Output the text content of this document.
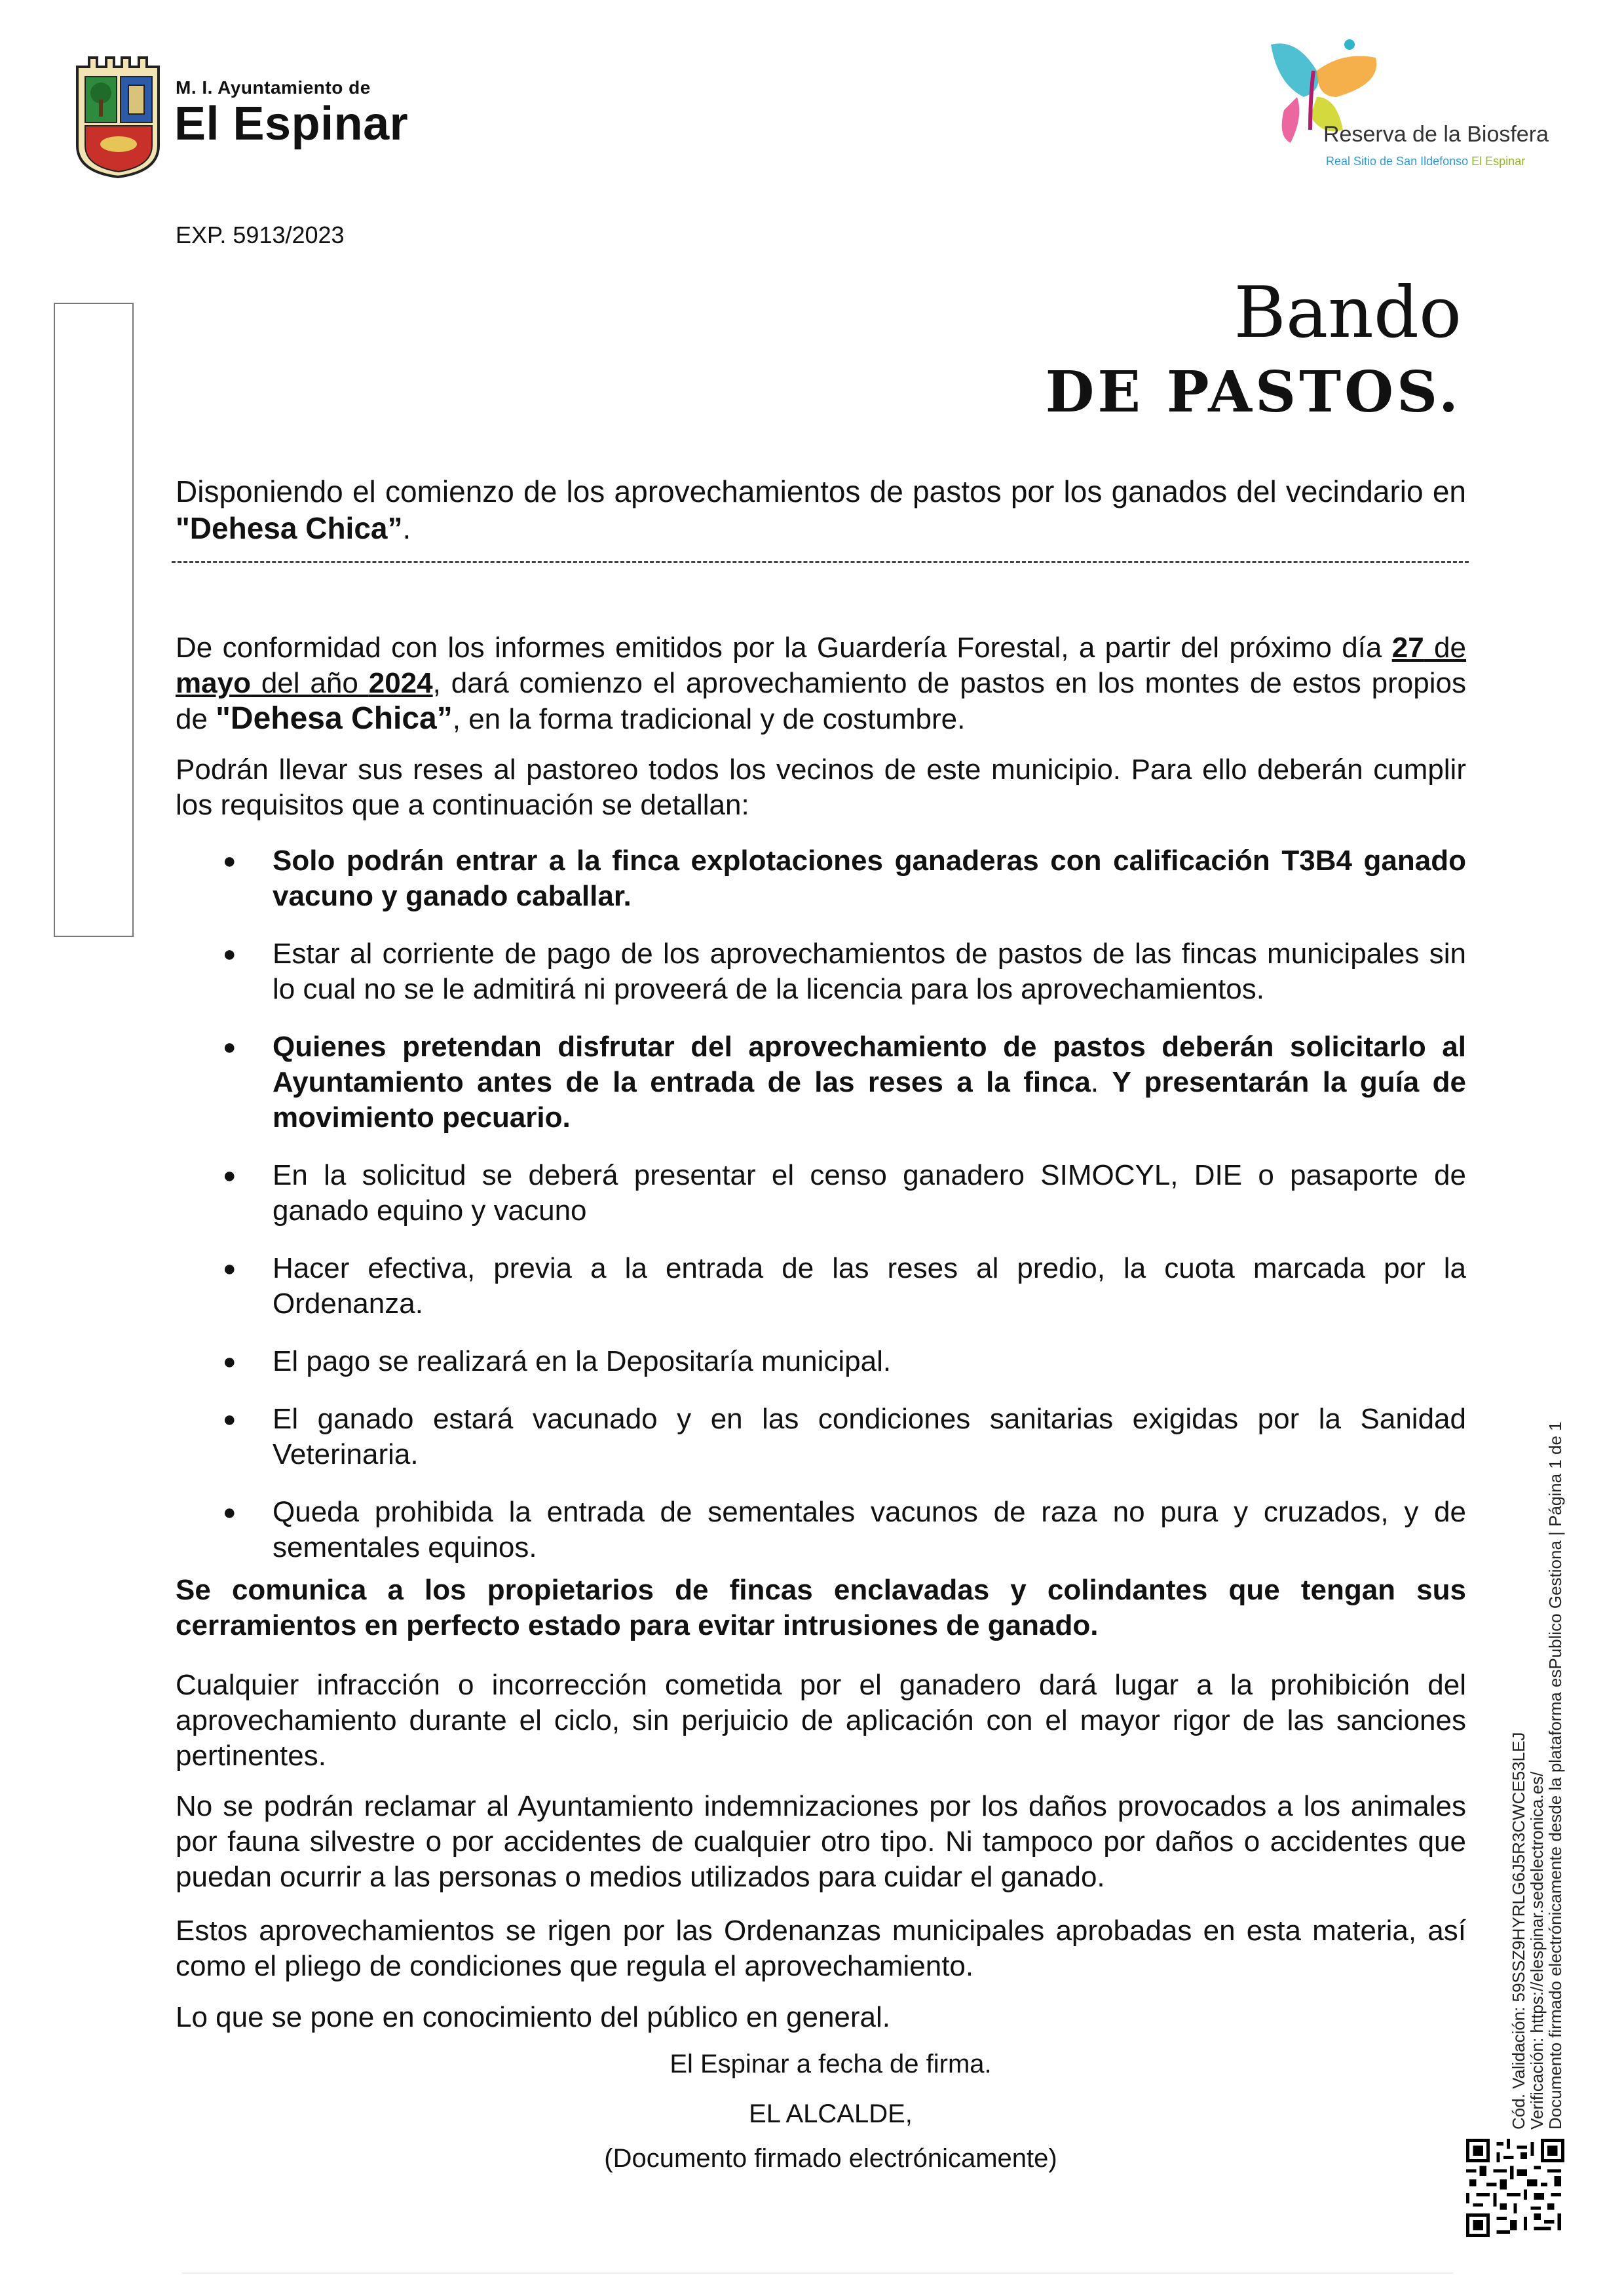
M. I. Ayuntamiento de
El Espinar	Reserva de la Biosfera
Real Sitio de San Ildefonso El Espinar
EXP. 5913/2023
Bando
DE PASTOS.
Disponiendo el comienzo de los aprovechamientos de pastos por los ganados del vecindario en "Dehesa Chica”.
De conformidad con los informes emitidos por la Guardería Forestal, a partir del próximo día 27 de mayo del año 2024, dará comienzo el aprovechamiento de pastos en los montes de estos propios de "Dehesa Chica”, en la forma tradicional y de costumbre.
Podrán llevar sus reses al pastoreo todos los vecinos de este municipio. Para ello deberán cumplir los requisitos que a continuación se detallan:
● Solo podrán entrar a la finca explotaciones ganaderas con calificación T3B4 ganado vacuno y ganado caballar.
● Estar al corriente de pago de los aprovechamientos de pastos de las fincas municipales sin lo cual no se le admitirá ni proveerá de la licencia para los aprovechamientos.
● Quienes pretendan disfrutar del aprovechamiento de pastos deberán solicitarlo al Ayuntamiento antes de la entrada de las reses a la finca. Y presentarán la guía de movimiento pecuario.
● En la solicitud se deberá presentar el censo ganadero SIMOCYL, DIE o pasaporte de ganado equino y vacuno
● Hacer efectiva, previa a la entrada de las reses al predio, la cuota marcada por la Ordenanza.
● El pago se realizará en la Depositaría municipal.
● El ganado estará vacunado y en las condiciones sanitarias exigidas por la Sanidad Veterinaria.
● Queda prohibida la entrada de sementales vacunos de raza no pura y cruzados, y de sementales equinos.
Se comunica a los propietarios de fincas enclavadas y colindantes que tengan sus cerramientos en perfecto estado para evitar intrusiones de ganado.
Cualquier infracción o incorrección cometida por el ganadero dará lugar a la prohibición del aprovechamiento durante el ciclo, sin perjuicio de aplicación con el mayor rigor de las sanciones pertinentes.
No se podrán reclamar al Ayuntamiento indemnizaciones por los daños provocados a los animales por fauna silvestre o por accidentes de cualquier otro tipo. Ni tampoco por daños o accidentes que puedan ocurrir a las personas o medios utilizados para cuidar el ganado.
Estos aprovechamientos se rigen por las Ordenanzas municipales aprobadas en esta materia, así como el pliego de condiciones que regula el aprovechamiento.
Lo que se pone en conocimiento del público en general.
El Espinar a fecha de firma.
EL ALCALDE,
(Documento firmado electrónicamente)
Cód. Validación: 59SSZ9HYRLG6J5R3CWCE53LEJ
Verificación: https://elespinar.sedelectronica.es/
Documento firmado electrónicamente desde la plataforma esPublico Gestiona | Página 1 de 1
